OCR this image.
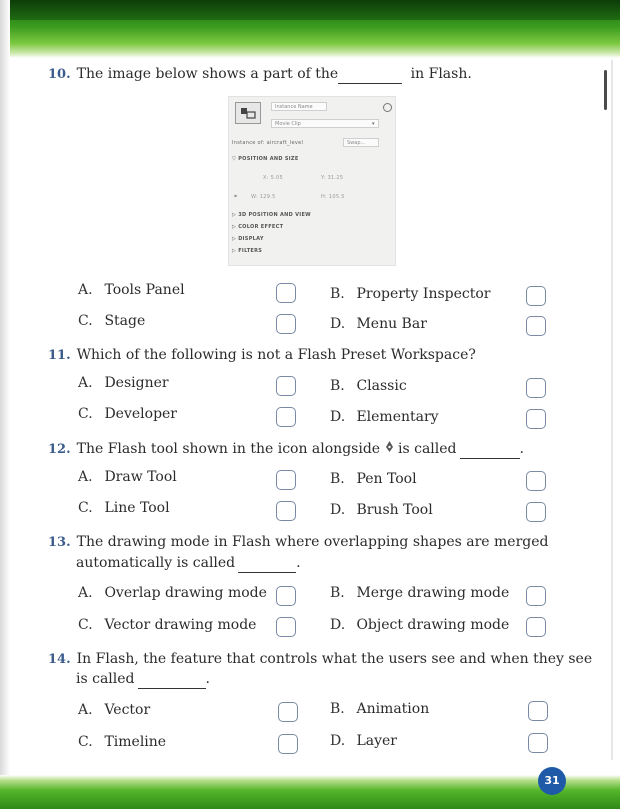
10. The image below shows a part of the	in Flash.
Instance Name
Movie Clip	▾
Instance of: aircraft_level	Swap...
▽ POSITION AND SIZE
X: 5.05	Y: 31.25
⚭	W: 129.5	H: 105.5
▷ 3D POSITION AND VIEW
▷ COLOR EFFECT
▷ DISPLAY
▷ FILTERS
A. Tools Panel	B. Property Inspector
C. Stage	D. Menu Bar
11. Which of the following is not a Flash Preset Workspace?
A. Designer	B. Classic
C. Developer	D. Elementary
12. The Flash tool shown in the icon alongside is called	.
A. Draw Tool	B. Pen Tool
C. Line Tool	D. Brush Tool
13. The drawing mode in Flash where overlapping shapes are merged
automatically is called	.
A. Overlap drawing mode	B. Merge drawing mode
C. Vector drawing mode	D. Object drawing mode
14. In Flash, the feature that controls what the users see and when they see
is called	.
A. Vector	B. Animation
C. Timeline	D. Layer
31
